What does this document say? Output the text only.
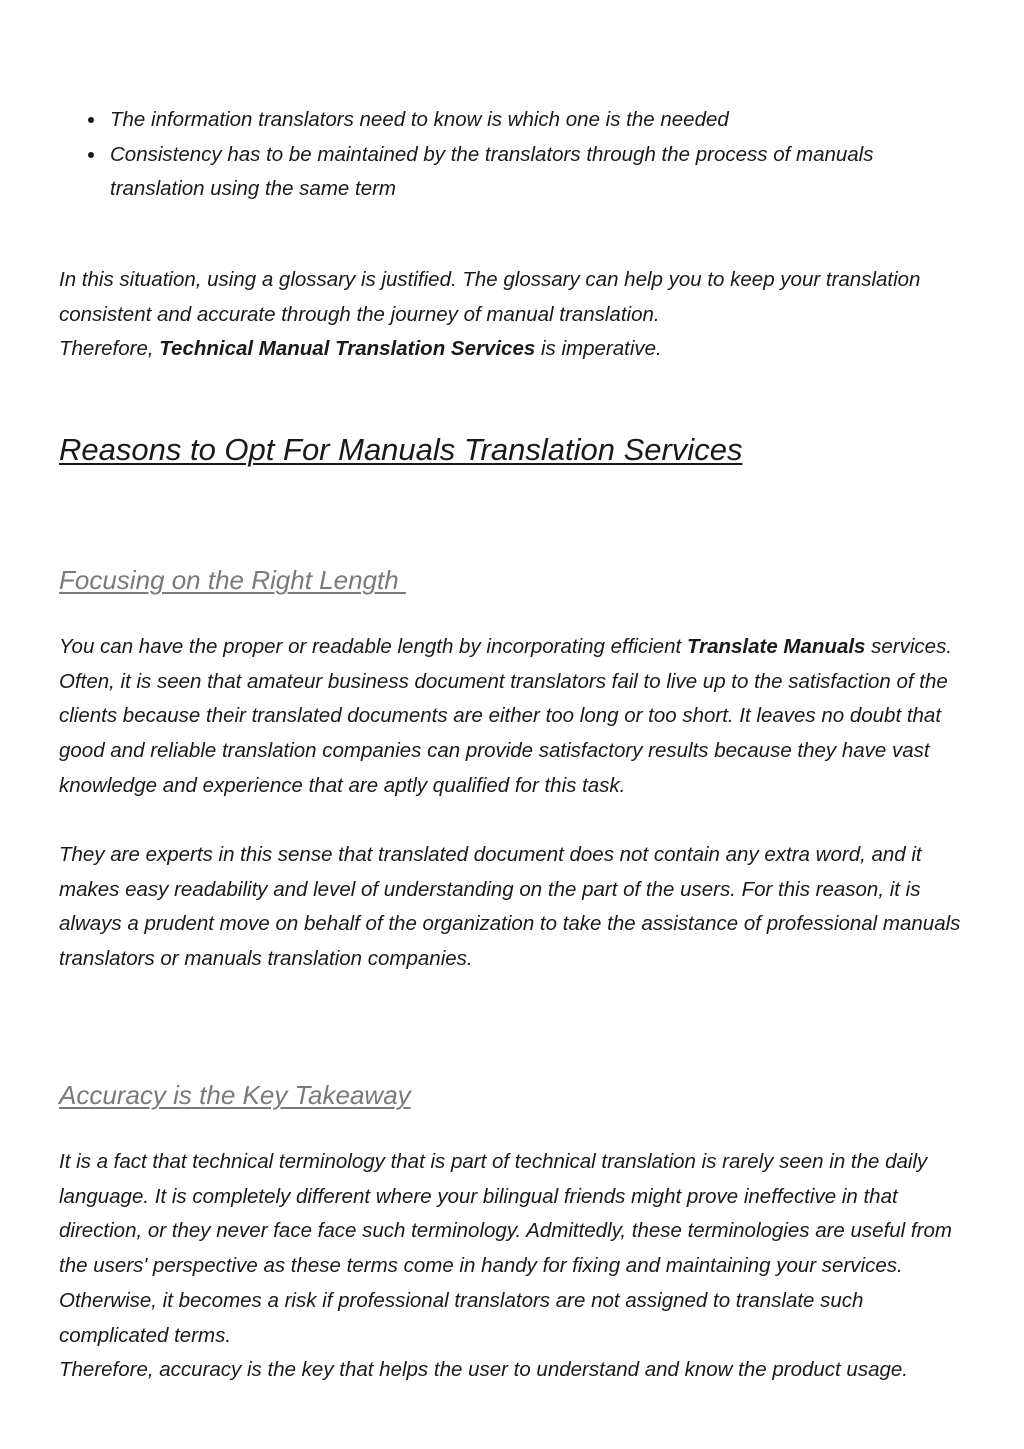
The information translators need to know is which one is the needed
Consistency has to be maintained by the translators through the process of manuals translation using the same term

In this situation, using a glossary is justified. The glossary can help you to keep your translation consistent and accurate through the journey of manual translation.
Therefore, Technical Manual Translation Services is imperative.

Reasons to Opt For Manuals Translation Services
Focusing on the Right Length

You can have the proper or readable length by incorporating efficient Translate Manuals services. Often, it is seen that amateur business document translators fail to live up to the satisfaction of the clients because their translated documents are either too long or too short. It leaves no doubt that good and reliable translation companies can provide satisfactory results because they have vast knowledge and experience that are aptly qualified for this task.

They are experts in this sense that translated document does not contain any extra word, and it makes easy readability and level of understanding on the part of the users. For this reason, it is always a prudent move on behalf of the organization to take the assistance of professional manuals translators or manuals translation companies.

Accuracy is the Key Takeaway

It is a fact that technical terminology that is part of technical translation is rarely seen in the daily language. It is completely different where your bilingual friends might prove ineffective in that direction, or they never face face such terminology. Admittedly, these terminologies are useful from the users' perspective as these terms come in handy for fixing and maintaining your services. Otherwise, it becomes a risk if professional translators are not assigned to translate such complicated terms.
Therefore, accuracy is the key that helps the user to understand and know the product usage.
